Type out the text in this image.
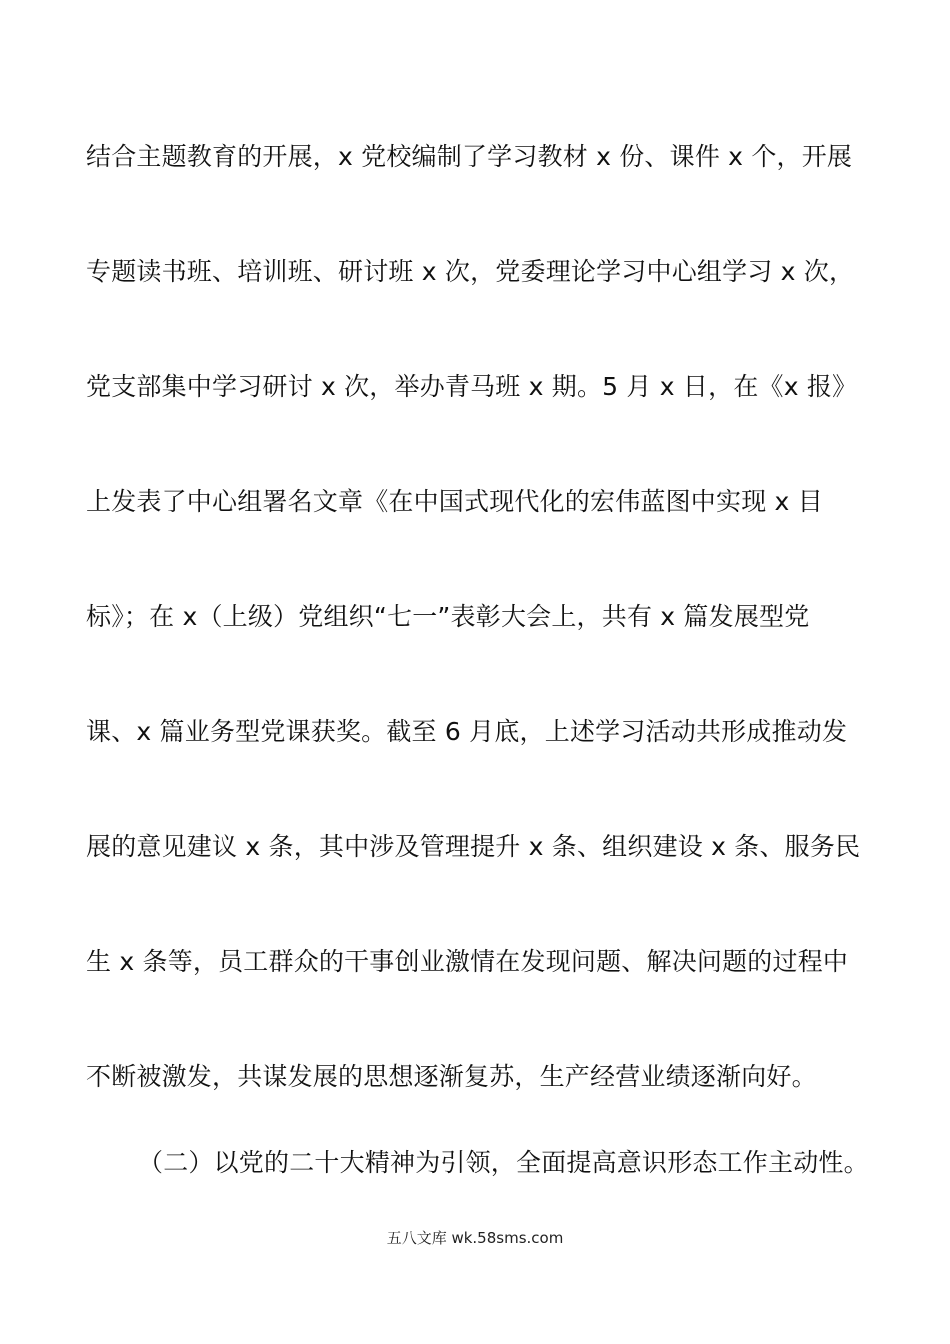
结合主题教育的开展，x 党校编制了学习教材 x 份、课件 x 个，开展
专题读书班、培训班、研讨班 x 次，党委理论学习中心组学习 x 次，
党支部集中学习研讨 x 次，举办青马班 x 期。5 月 x 日，在《x 报》
上发表了中心组署名文章《在中国式现代化的宏伟蓝图中实现 x 目
标》；在 x（上级）党组织“七一”表彰大会上，共有 x 篇发展型党
课、x 篇业务型党课获奖。截至 6 月底，上述学习活动共形成推动发
展的意见建议 x 条，其中涉及管理提升 x 条、组织建设 x 条、服务民
生 x 条等，员工群众的干事创业激情在发现问题、解决问题的过程中
不断被激发，共谋发展的思想逐渐复苏，生产经营业绩逐渐向好。
（二）以党的二十大精神为引领，全面提高意识形态工作主动性。
五八文库 wk.58sms.com
